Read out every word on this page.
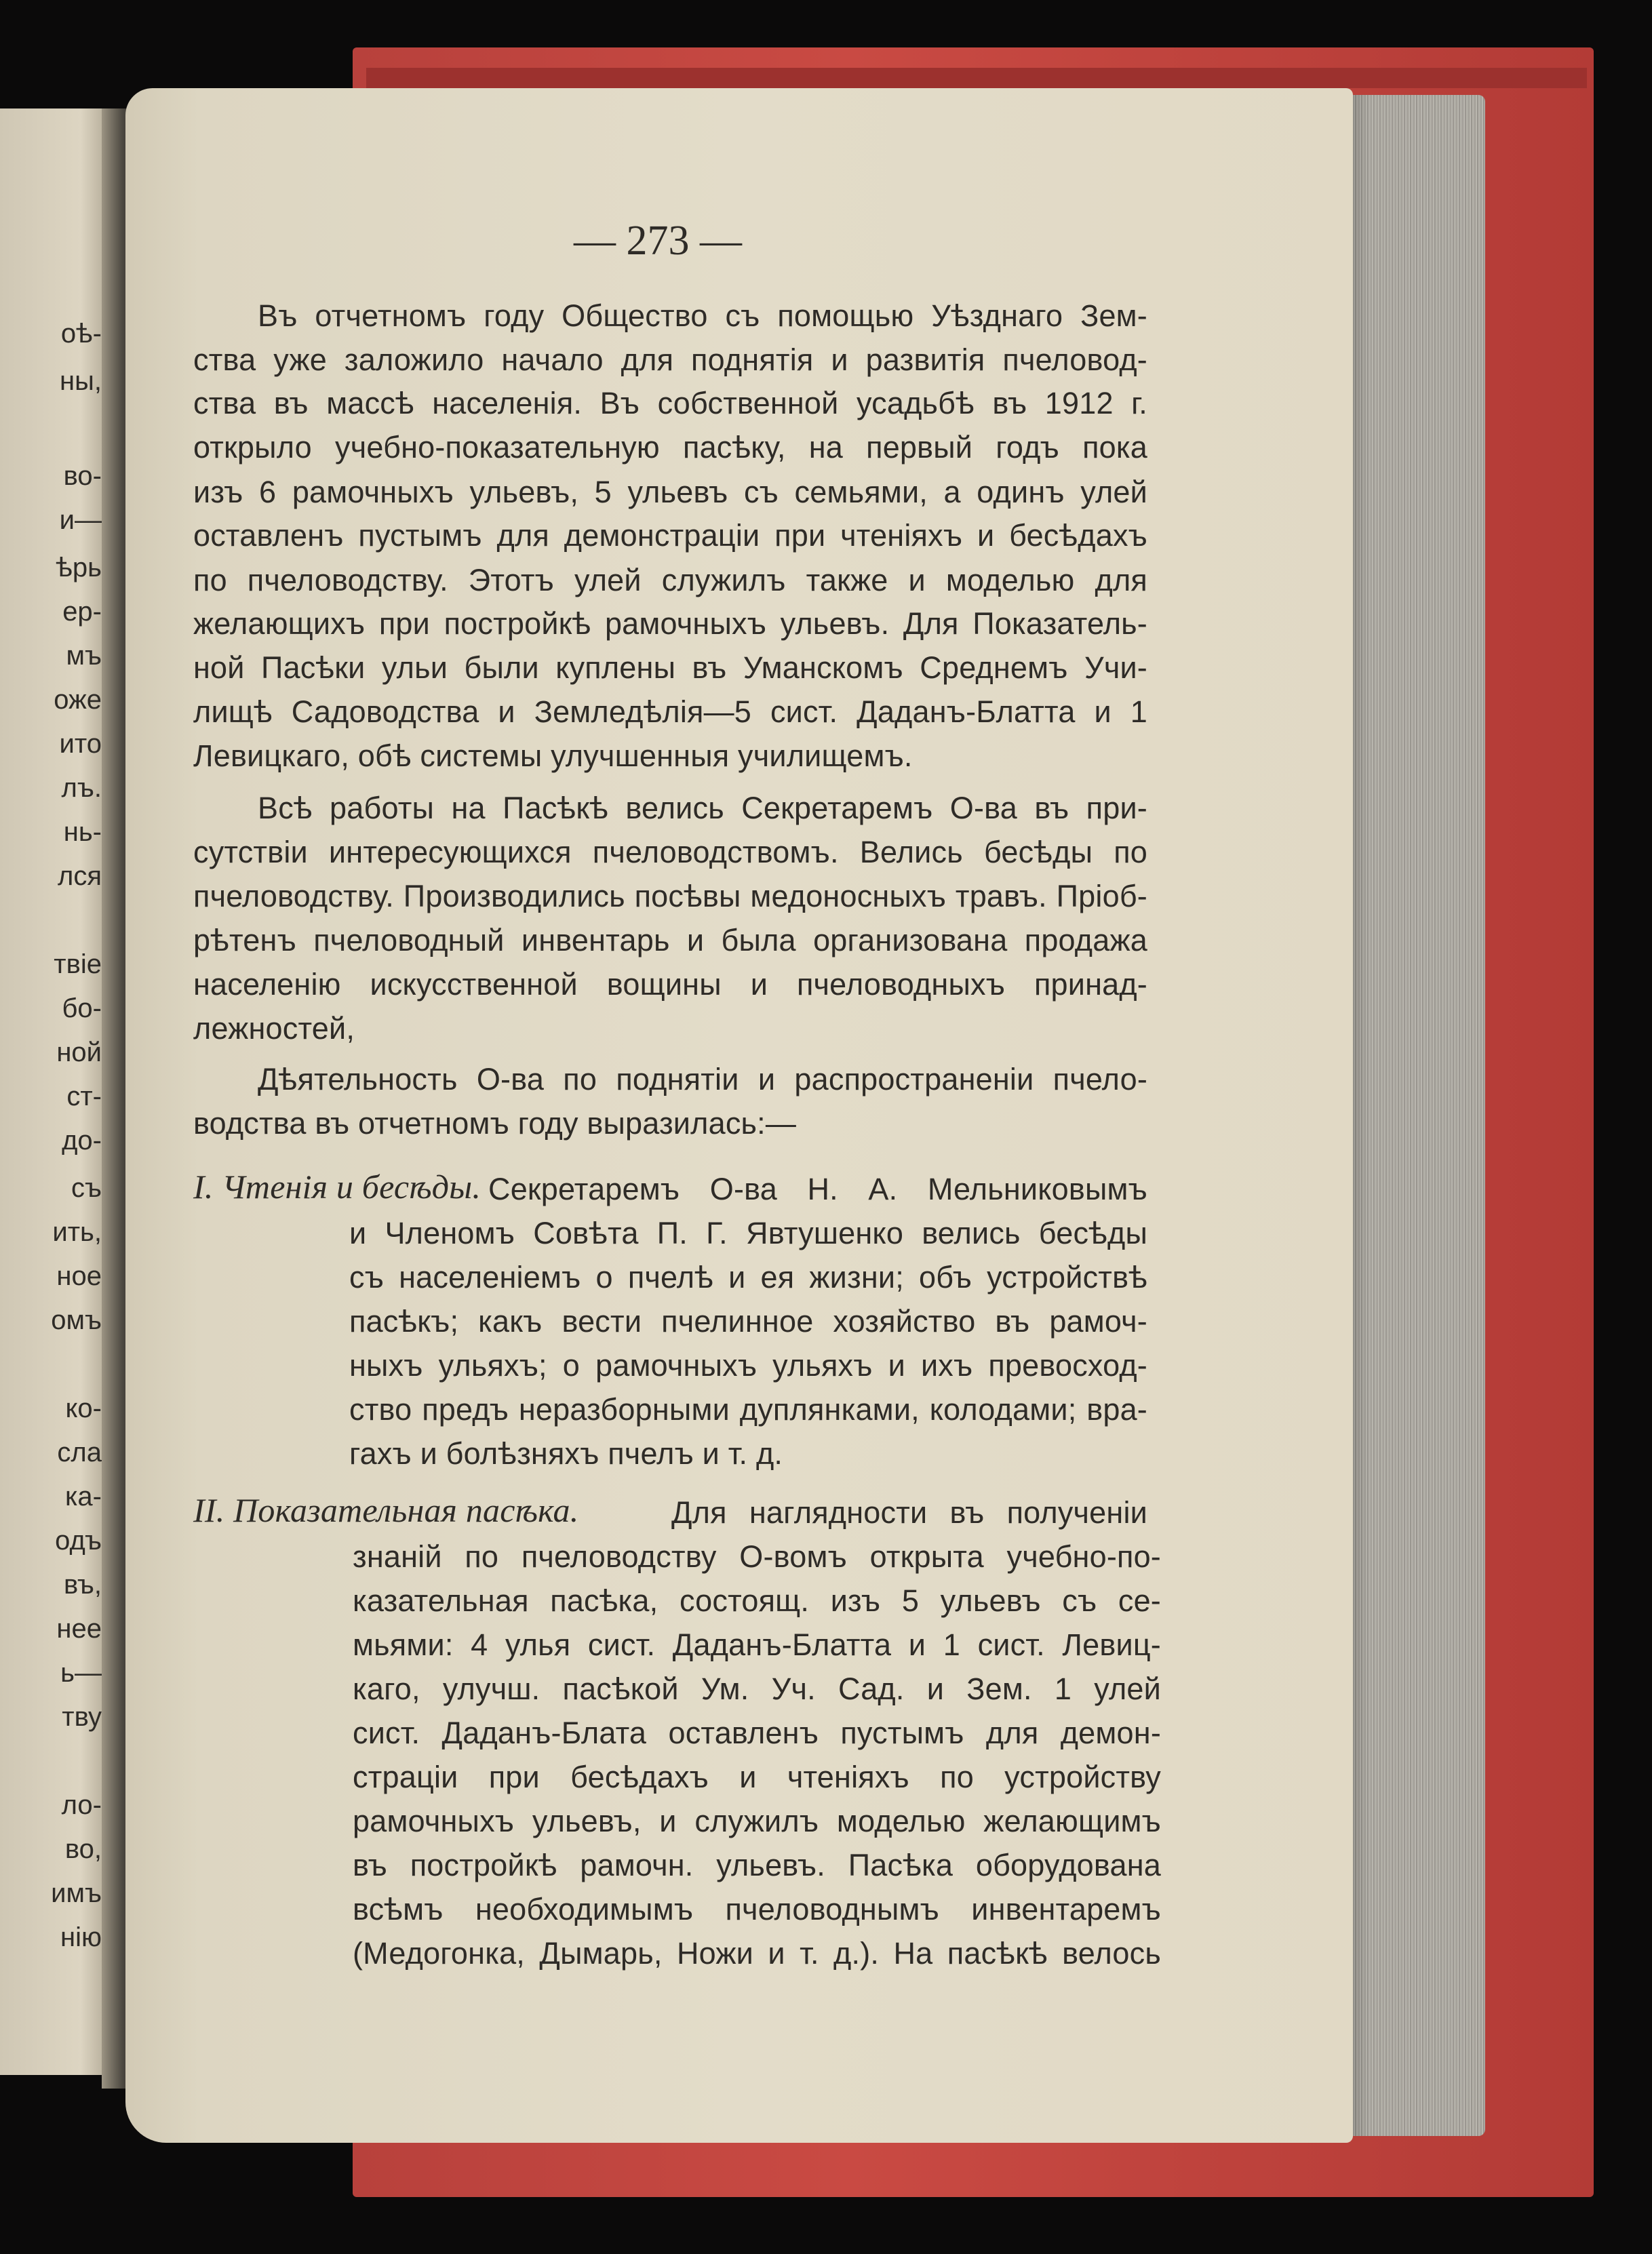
оѣ-
ны,
во-
и—
ѣрь
ер-
мъ
оже
ито
лъ.
нь-
лся
твіе
бо-
ной
ст-
до-
съ
ить,
ное
омъ
ко-
сла
ка-
одъ
въ,
нее
ь—
тву
ло-
во,
имъ
нію
— 273 —
Въ отчетномъ году Общество съ помощью Уѣзднаго Зем-
ства уже заложило начало для поднятія и развитія пчеловод-
ства въ массѣ населенія. Въ собственной усадьбѣ въ 1912 г.
открыло учебно-показательную пасѣку, на первый годъ пока
изъ 6 рамочныхъ ульевъ, 5 ульевъ съ семьями, а одинъ улей
оставленъ пустымъ для демонстраціи при чтеніяхъ и бесѣдахъ
по пчеловодству. Этотъ улей служилъ также и моделью для
желающихъ при постройкѣ рамочныхъ ульевъ. Для Показатель-
ной Пасѣки ульи были куплены въ Уманскомъ Среднемъ Учи-
лищѣ Садоводства и Земледѣлія—5 сист. Даданъ-Блатта и 1
Левицкаго, обѣ системы улучшенныя училищемъ.
Всѣ работы на Пасѣкѣ велись Секретаремъ О-ва въ при-
сутствіи интересующихся пчеловодствомъ. Велись бесѣды по
пчеловодству. Производились посѣвы медоносныхъ травъ. Пріоб-
рѣтенъ пчеловодный инвентарь и была организована продажа
населенію искусственной вощины и пчеловодныхъ принад-
лежностей,
Дѣятельность О-ва по поднятіи и распространеніи пчело-
водства въ отчетномъ году выразилась:—
I. Чтенія и бесѣды. Секретаремъ О-ва Н. А. Мельниковымъ
и Членомъ Совѣта П. Г. Явтушенко велись бесѣды
съ населеніемъ о пчелѣ и ея жизни; объ устройствѣ
пасѣкъ; какъ вести пчелинное хозяйство въ рамоч-
ныхъ ульяхъ; о рамочныхъ ульяхъ и ихъ превосход-
ство предъ неразборными дуплянками, колодами; вра-
гахъ и болѣзняхъ пчелъ и т. д.
II. Показательная пасѣка.	Для наглядности въ полученіи
знаній по пчеловодству О-вомъ открыта учебно-по-
казательная пасѣка, состоящ. изъ 5 ульевъ съ се-
мьями: 4 улья сист. Даданъ-Блатта и 1 сист. Левиц-
каго, улучш. пасѣкой Ум. Уч. Сад. и Зем. 1 улей
сист. Даданъ-Блата оставленъ пустымъ для демон-
страціи при бесѣдахъ и чтеніяхъ по устройству
рамочныхъ ульевъ, и служилъ моделью желающимъ
въ постройкѣ рамочн. ульевъ. Пасѣка оборудована
всѣмъ необходимымъ пчеловоднымъ инвентаремъ
(Медогонка, Дымарь, Ножи и т. д.). На пасѣкѣ велось
